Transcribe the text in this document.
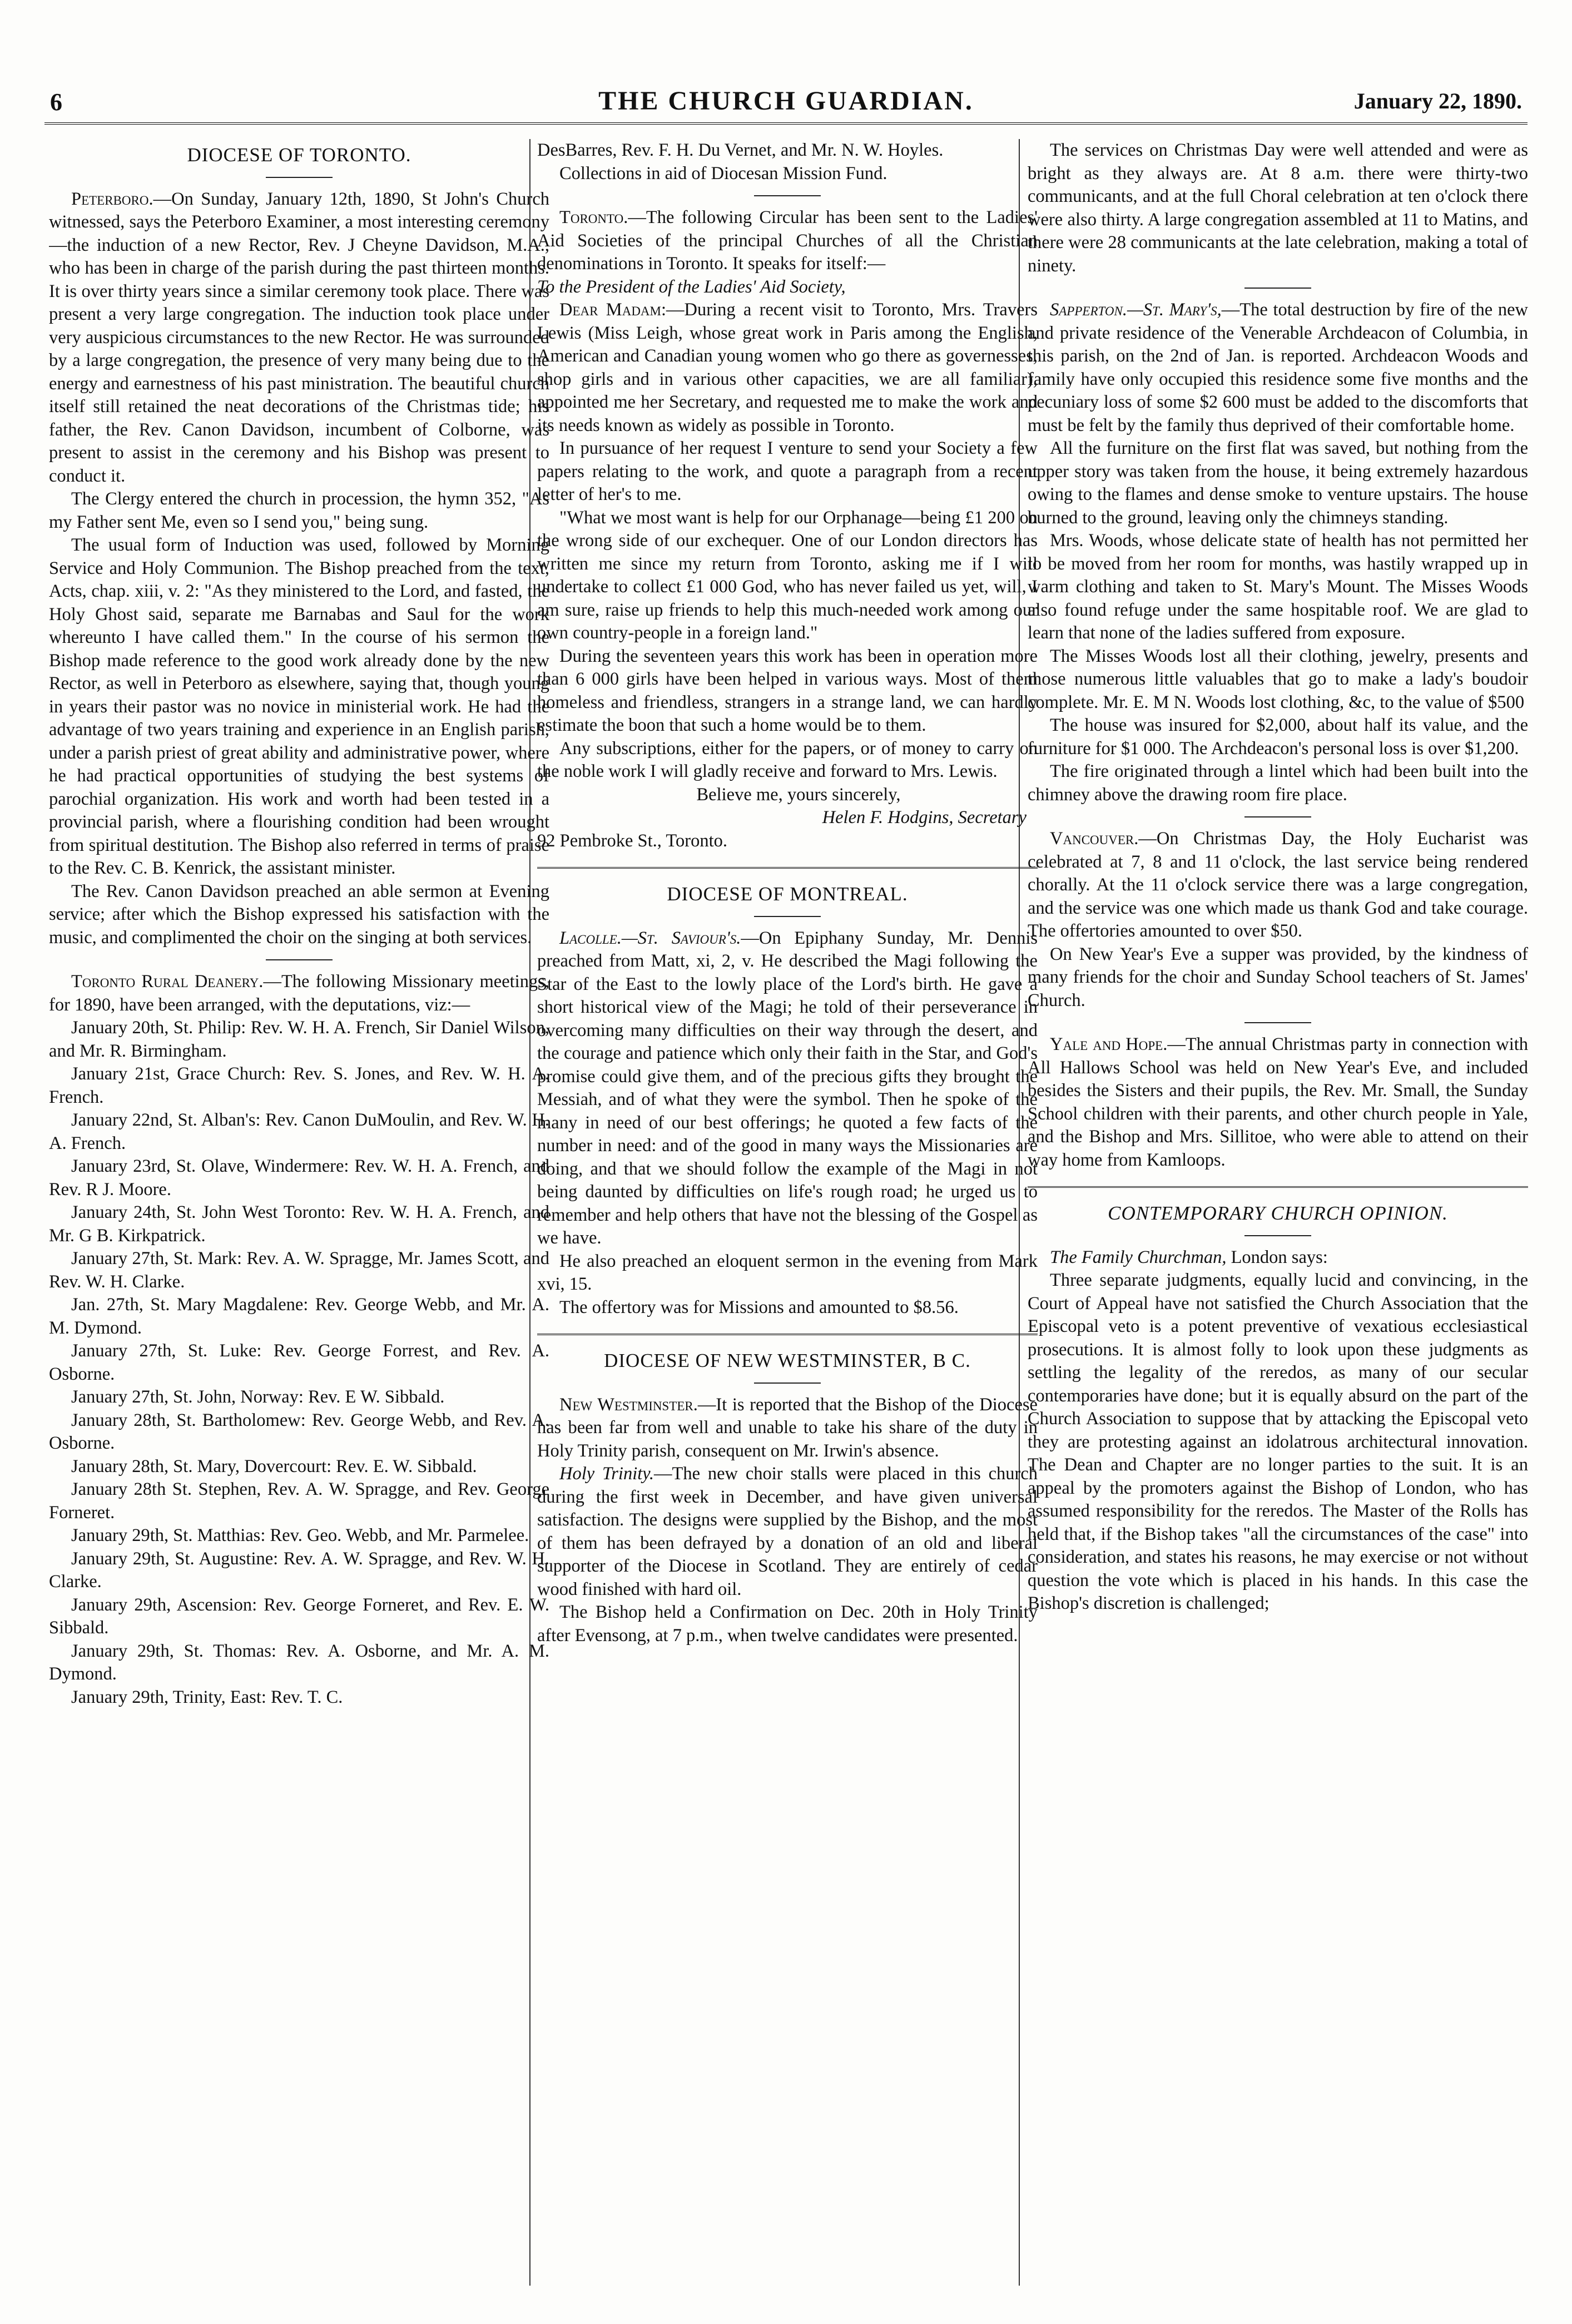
6	THE CHURCH GUARDIAN.	January 22, 1890.
DIOCESE OF TORONTO.

Peterboro.—On Sunday, January 12th, 1890, St John's Church witnessed, says the Peterboro Examiner, a most interesting ceremony—the induction of a new Rector, Rev. J Cheyne Davidson, M.A., who has been in charge of the parish during the past thirteen months. It is over thirty years since a similar ceremony took place. There was present a very large congregation. The induction took place under very auspicious circumstances to the new Rector. He was surrounded by a large congregation, the presence of very many being due to the energy and earnestness of his past ministration. The beautiful church itself still retained the neat decorations of the Christmas tide; his father, the Rev. Canon Davidson, incumbent of Colborne, was present to assist in the ceremony and his Bishop was present to conduct it.

The Clergy entered the church in procession, the hymn 352, "As my Father sent Me, even so I send you," being sung.

The usual form of Induction was used, followed by Morning Service and Holy Communion. The Bishop preached from the text, Acts, chap. xiii, v. 2: "As they ministered to the Lord, and fasted, the Holy Ghost said, separate me Barnabas and Saul for the work whereunto I have called them." In the course of his sermon the Bishop made reference to the good work already done by the new Rector, as well in Peterboro as elsewhere, saying that, though young in years their pastor was no novice in ministerial work. He had the advantage of two years training and experience in an English parish, under a parish priest of great ability and administrative power, where he had practical opportunities of studying the best systems of parochial organization. His work and worth had been tested in a provincial parish, where a flourishing condition had been wrought from spiritual destitution. The Bishop also referred in terms of praise to the Rev. C. B. Kenrick, the assistant minister.

The Rev. Canon Davidson preached an able sermon at Evening service; after which the Bishop expressed his satisfaction with the music, and complimented the choir on the singing at both services.

Toronto Rural Deanery.—The following Missionary meetings, for 1890, have been arranged, with the deputations, viz:—

January 20th, St. Philip: Rev. W. H. A. French, Sir Daniel Wilson, and Mr. R. Birmingham.

January 21st, Grace Church: Rev. S. Jones, and Rev. W. H. A. French.

January 22nd, St. Alban's: Rev. Canon DuMoulin, and Rev. W. H. A. French.

January 23rd, St. Olave, Windermere: Rev. W. H. A. French, and Rev. R J. Moore.

January 24th, St. John West Toronto: Rev. W. H. A. French, and Mr. G B. Kirkpatrick.

January 27th, St. Mark: Rev. A. W. Spragge, Mr. James Scott, and Rev. W. H. Clarke.

Jan. 27th, St. Mary Magdalene: Rev. George Webb, and Mr. A. M. Dymond.

January 27th, St. Luke: Rev. George Forrest, and Rev. A. Osborne.

January 27th, St. John, Norway: Rev. E W. Sibbald.

January 28th, St. Bartholomew: Rev. George Webb, and Rev. A. Osborne.

January 28th, St. Mary, Dovercourt: Rev. E. W. Sibbald.

January 28th St. Stephen, Rev. A. W. Spragge, and Rev. George Forneret.

January 29th, St. Matthias: Rev. Geo. Webb, and Mr. Parmelee.

January 29th, St. Augustine: Rev. A. W. Spragge, and Rev. W. H. Clarke.

January 29th, Ascension: Rev. George Forneret, and Rev. E. W. Sibbald.

January 29th, St. Thomas: Rev. A. Osborne, and Mr. A. M. Dymond.

January 29th, Trinity, East: Rev. T. C.

DesBarres, Rev. F. H. Du Vernet, and Mr. N. W. Hoyles.

Collections in aid of Diocesan Mission Fund.

Toronto.—The following Circular has been sent to the Ladies' Aid Societies of the principal Churches of all the Christian denominations in Toronto. It speaks for itself:—

To the President of the Ladies' Aid Society,

Dear Madam:—During a recent visit to Toronto, Mrs. Travers Lewis (Miss Leigh, whose great work in Paris among the English, American and Canadian young women who go there as governesses, shop girls and in various other capacities, we are all familiar), appointed me her Secretary, and requested me to make the work and its needs known as widely as possible in Toronto.

In pursuance of her request I venture to send your Society a few papers relating to the work, and quote a paragraph from a recent letter of her's to me.

"What we most want is help for our Orphanage—being £1 200 on the wrong side of our exchequer. One of our London directors has written me since my return from Toronto, asking me if I will undertake to collect £1 000 God, who has never failed us yet, will, I am sure, raise up friends to help this much-needed work among our own country-people in a foreign land."

During the seventeen years this work has been in operation more than 6 000 girls have been helped in various ways. Most of them homeless and friendless, strangers in a strange land, we can hardly estimate the boon that such a home would be to them.

Any subscriptions, either for the papers, or of money to carry on the noble work I will gladly receive and forward to Mrs. Lewis.

Believe me, yours sincerely,

Helen F. Hodgins, Secretary

92 Pembroke St., Toronto.

DIOCESE OF MONTREAL.

Lacolle.—St. Saviour's.—On Epiphany Sunday, Mr. Dennis preached from Matt, xi, 2, v. He described the Magi following the Star of the East to the lowly place of the Lord's birth. He gave a short historical view of the Magi; he told of their perseverance in overcoming many difficulties on their way through the desert, and the courage and patience which only their faith in the Star, and God's promise could give them, and of the precious gifts they brought the Messiah, and of what they were the symbol. Then he spoke of the many in need of our best offerings; he quoted a few facts of the number in need: and of the good in many ways the Missionaries are doing, and that we should follow the example of the Magi in not being daunted by difficulties on life's rough road; he urged us to remember and help others that have not the blessing of the Gospel as we have.

He also preached an eloquent sermon in the evening from Mark xvi, 15.

The offertory was for Missions and amounted to $8.56.

DIOCESE OF NEW WESTMINSTER, B C.

New Westminster.—It is reported that the Bishop of the Diocese has been far from well and unable to take his share of the duty in Holy Trinity parish, consequent on Mr. Irwin's absence.

Holy Trinity.—The new choir stalls were placed in this church during the first week in December, and have given universal satisfaction. The designs were supplied by the Bishop, and the most of them has been defrayed by a donation of an old and liberal supporter of the Diocese in Scotland. They are entirely of cedar wood finished with hard oil.

The Bishop held a Confirmation on Dec. 20th in Holy Trinity after Evensong, at 7 p.m., when twelve candidates were presented.

The services on Christmas Day were well attended and were as bright as they always are. At 8 a.m. there were thirty-two communicants, and at the full Choral celebration at ten o'clock there were also thirty. A large congregation assembled at 11 to Matins, and there were 28 communicants at the late celebration, making a total of ninety.

Sapperton.—St. Mary's,—The total destruction by fire of the new and private residence of the Venerable Archdeacon of Columbia, in this parish, on the 2nd of Jan. is reported. Archdeacon Woods and family have only occupied this residence some five months and the pecuniary loss of some $2 600 must be added to the discomforts that must be felt by the family thus deprived of their comfortable home.

All the furniture on the first flat was saved, but nothing from the upper story was taken from the house, it being extremely hazardous owing to the flames and dense smoke to venture upstairs. The house burned to the ground, leaving only the chimneys standing.

Mrs. Woods, whose delicate state of health has not permitted her to be moved from her room for months, was hastily wrapped up in warm clothing and taken to St. Mary's Mount. The Misses Woods also found refuge under the same hospitable roof. We are glad to learn that none of the ladies suffered from exposure.

The Misses Woods lost all their clothing, jewelry, presents and those numerous little valuables that go to make a lady's boudoir complete. Mr. E. M N. Woods lost clothing, &c, to the value of $500

The house was insured for $2,000, about half its value, and the furniture for $1 000. The Archdeacon's personal loss is over $1,200.

The fire originated through a lintel which had been built into the chimney above the drawing room fire place.

Vancouver.—On Christmas Day, the Holy Eucharist was celebrated at 7, 8 and 11 o'clock, the last service being rendered chorally. At the 11 o'clock service there was a large congregation, and the service was one which made us thank God and take courage. The offertories amounted to over $50.

On New Year's Eve a supper was provided, by the kindness of many friends for the choir and Sunday School teachers of St. James' Church.

Yale and Hope.—The annual Christmas party in connection with All Hallows School was held on New Year's Eve, and included besides the Sisters and their pupils, the Rev. Mr. Small, the Sunday School children with their parents, and other church people in Yale, and the Bishop and Mrs. Sillitoe, who were able to attend on their way home from Kamloops.

CONTEMPORARY CHURCH OPINION.

The Family Churchman, London says:

Three separate judgments, equally lucid and convincing, in the Court of Appeal have not satisfied the Church Association that the Episcopal veto is a potent preventive of vexatious ecclesiastical prosecutions. It is almost folly to look upon these judgments as settling the legality of the reredos, as many of our secular contemporaries have done; but it is equally absurd on the part of the Church Association to suppose that by attacking the Episcopal veto they are protesting against an idolatrous architectural innovation. The Dean and Chapter are no longer parties to the suit. It is an appeal by the promoters against the Bishop of London, who has assumed responsibility for the reredos. The Master of the Rolls has held that, if the Bishop takes "all the circumstances of the case" into consideration, and states his reasons, he may exercise or not without question the vote which is placed in his hands. In this case the Bishop's discretion is challenged;
